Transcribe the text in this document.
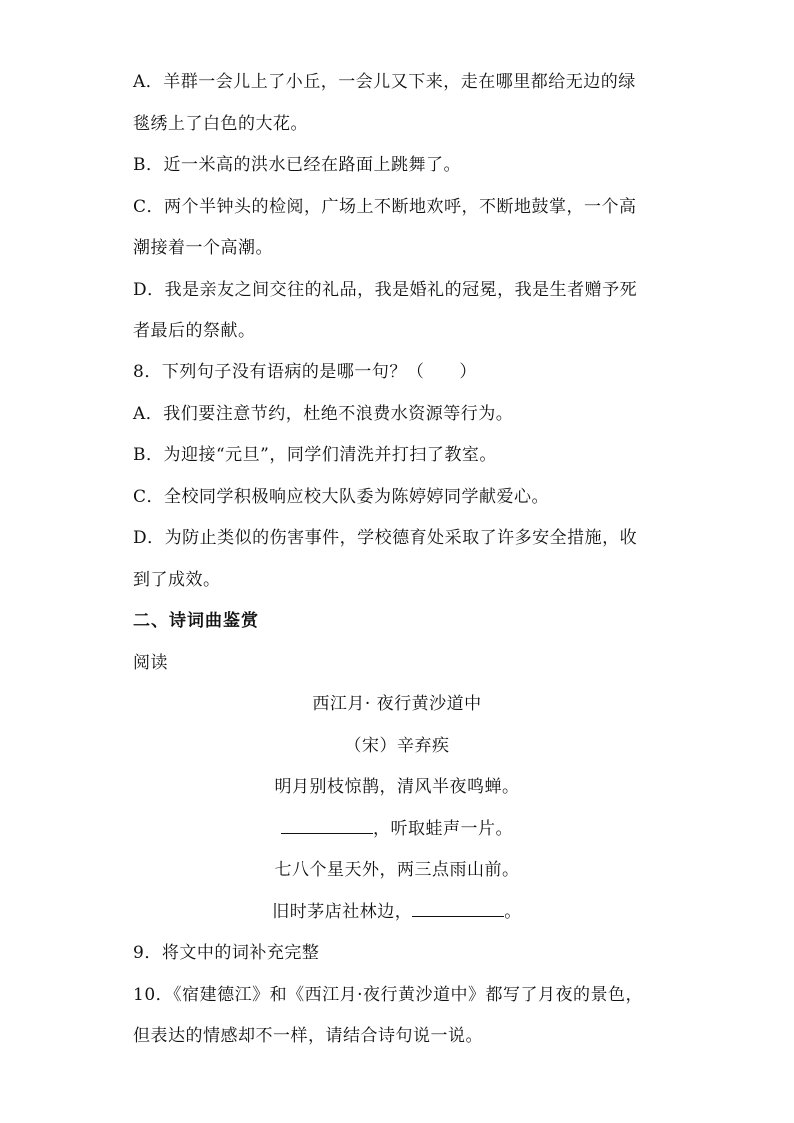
A．羊群一会儿上了小丘，一会儿又下来，走在哪里都给无边的绿
毯绣上了白色的大花。
B．近一米高的洪水已经在路面上跳舞了。
C．两个半钟头的检阅，广场上不断地欢呼，不断地鼓掌，一个高
潮接着一个高潮。
D．我是亲友之间交往的礼品，我是婚礼的冠冕，我是生者赠予死
者最后的祭献。
8．下列句子没有语病的是哪一句？（　　）
A．我们要注意节约，杜绝不浪费水资源等行为。
B．为迎接“元旦”，同学们清洗并打扫了教室。
C．全校同学积极响应校大队委为陈婷婷同学献爱心。
D．为防止类似的伤害事件，学校德育处采取了许多安全措施，收
到了成效。
二、诗词曲鉴赏
阅读
西江月· 夜行黄沙道中
（宋）辛弃疾
明月别枝惊鹊，清风半夜鸣蝉。
，听取蛙声一片。
七八个星天外，两三点雨山前。
旧时茅店社林边，	。
9．将文中的词补充完整
10．《宿建德江》和《西江月·夜行黄沙道中》都写了月夜的景色，
但表达的情感却不一样，请结合诗句说一说。
